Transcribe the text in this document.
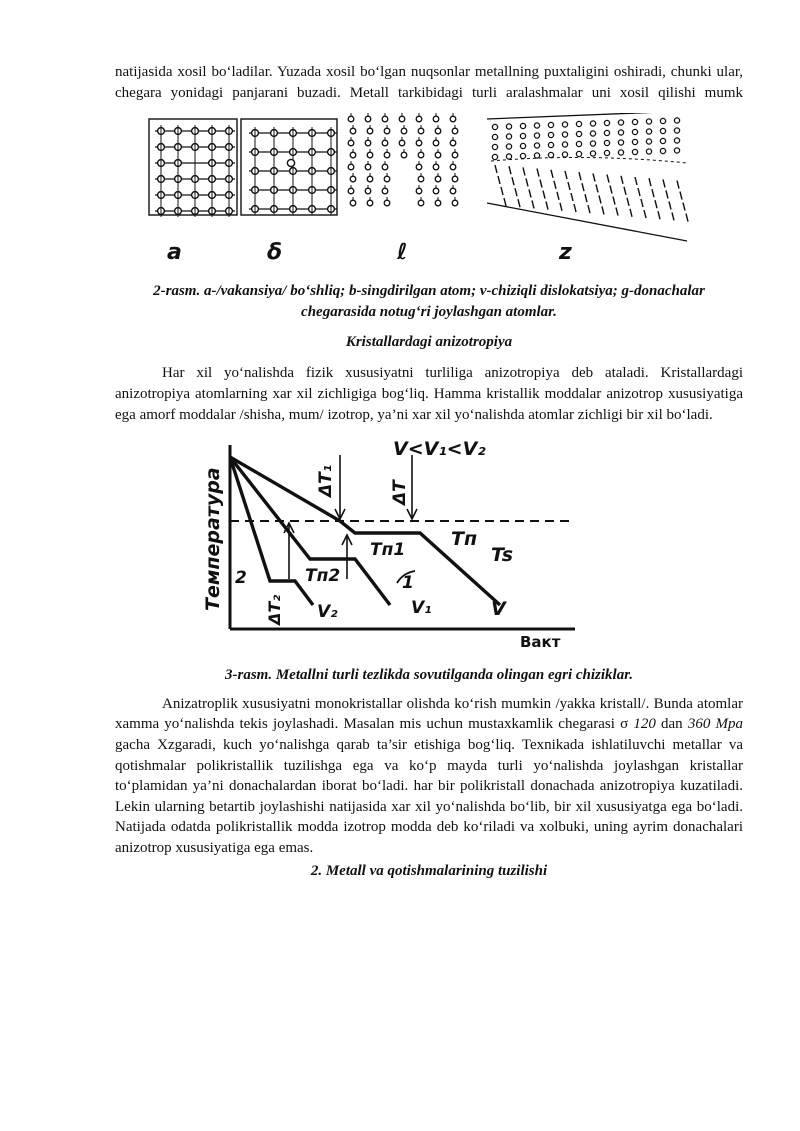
natijasida xosil bo‘ladilar. Yuzada xosil bo‘lgan nuqsonlar metallning puxtaligini oshiradi, chunki ular, chegara yonidagi panjarani buzadi. Metall tarkibidagi turli aralashmalar uni xosil qilishi mumk

a	δ	ℓ	z

2-rasm. a-/vakansiya/ bo‘shliq; b-singdirilgan atom; v-chiziqli dislokatsiya; g-donachalar chegarasida notug‘ri joylashgan atomlar.

Kristallardagi anizotropiya

Har xil yo‘nalishda fizik xususiyatni turliliga anizotropiya deb ataladi. Kristallardagi anizotropiya atomlarning xar xil zichligiga bog‘liq. Hamma kristallik moddalar anizotrop xususiyatiga ega amorf moddalar /shisha, mum/ izotrop, ya’ni xar xil yo‘nalishda atomlar zichligi bir xil bo‘ladi.

Температура
Вакт
V<V₁<V₂
ΔT₁	ΔT
ΔT₂
Tп
Tп1
Tп2
Ts
2	1
V
V₁
V₂

3-rasm. Metallni turli tezlikda sovutilganda olingan egri chiziklar.

Anizatroplik xususiyatni monokristallar olishda ko‘rish mumkin /yakka kristall/. Bunda atomlar xamma yo‘nalishda tekis joylashadi. Masalan mis uchun mustaxkamlik chegarasi σ 120 dan 360 Mpa gacha Xzgaradi, kuch yo‘nalishga qarab ta’sir etishiga bog‘liq. Texnikada ishlatiluvchi metallar va qotishmalar polikristallik tuzilishga ega va ko‘p mayda turli yo‘nalishda joylashgan kristallar to‘plamidan ya’ni donachalardan iborat bo‘ladi. har bir polikristall donachada anizotropiya kuzatiladi. Lekin ularning betartib joylashishi natijasida xar xil yo‘nalishda bo‘lib, bir xil xususiyatga ega bo‘ladi. Natijada odatda polikristallik modda izotrop modda deb ko‘riladi va xolbuki, uning ayrim donachalari anizotrop xususiyatiga ega emas.

2. Metall va qotishmalarining tuzilishi
